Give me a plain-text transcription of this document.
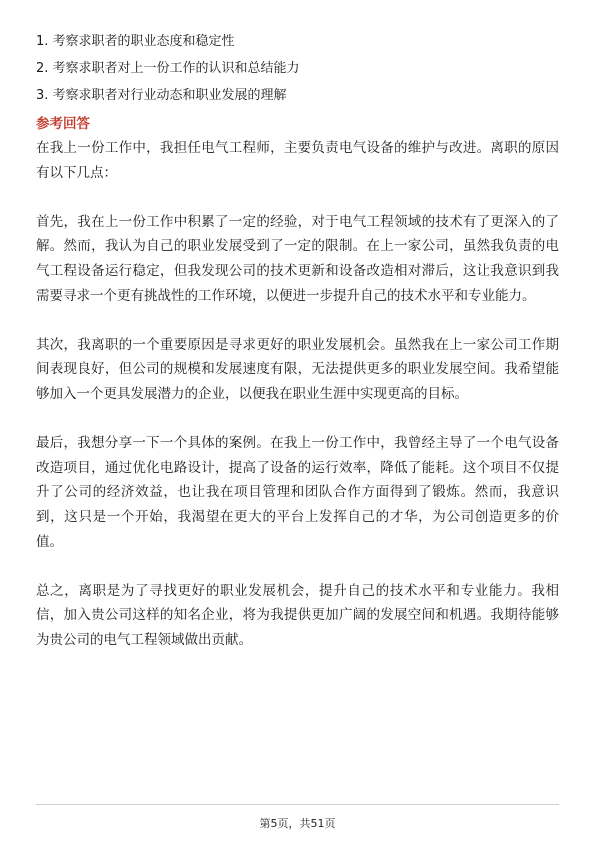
1. 考察求职者的职业态度和稳定性
2. 考察求职者对上一份工作的认识和总结能力
3. 考察求职者对行业动态和职业发展的理解
参考回答

在我上一份工作中，我担任电气工程师，主要负责电气设备的维护与改进。离职的原因有以下几点：

首先，我在上一份工作中积累了一定的经验，对于电气工程领域的技术有了更深入的了解。然而，我认为自己的职业发展受到了一定的限制。在上一家公司，虽然我负责的电气工程设备运行稳定，但我发现公司的技术更新和设备改造相对滞后，这让我意识到我需要寻求一个更有挑战性的工作环境，以便进一步提升自己的技术水平和专业能力。

其次，我离职的一个重要原因是寻求更好的职业发展机会。虽然我在上一家公司工作期间表现良好，但公司的规模和发展速度有限，无法提供更多的职业发展空间。我希望能够加入一个更具发展潜力的企业，以便我在职业生涯中实现更高的目标。

最后，我想分享一下一个具体的案例。在我上一份工作中，我曾经主导了一个电气设备改造项目，通过优化电路设计，提高了设备的运行效率，降低了能耗。这个项目不仅提升了公司的经济效益，也让我在项目管理和团队合作方面得到了锻炼。然而，我意识到，这只是一个开始，我渴望在更大的平台上发挥自己的才华，为公司创造更多的价值。

总之，离职是为了寻找更好的职业发展机会，提升自己的技术水平和专业能力。我相信，加入贵公司这样的知名企业，将为我提供更加广阔的发展空间和机遇。我期待能够为贵公司的电气工程领域做出贡献。

第5页，共51页
